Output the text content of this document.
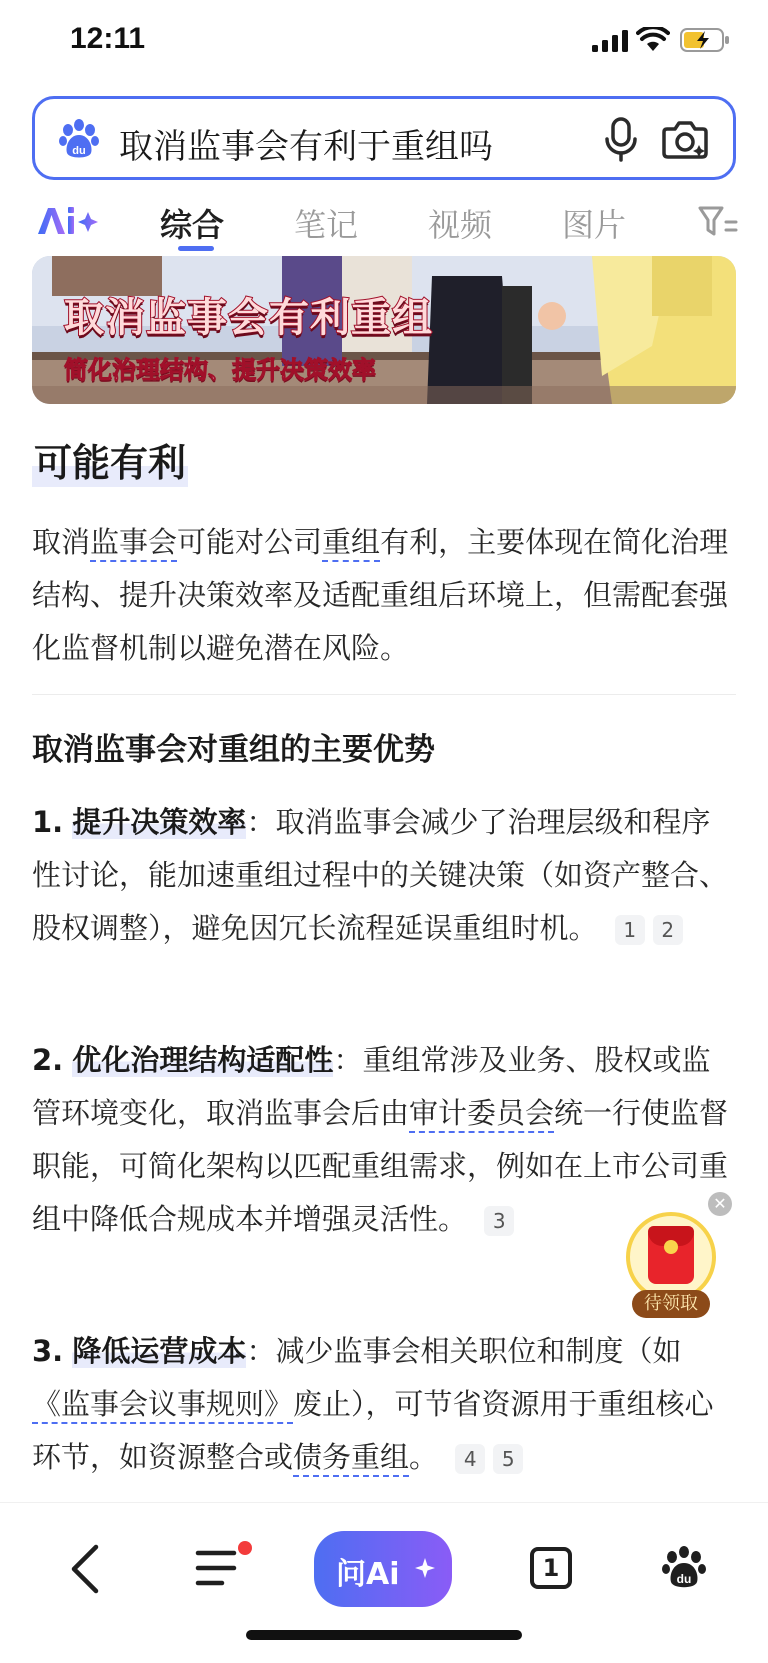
12:11
du 取消监事会有利于重组吗
综合 笔记 视频 图片
取消监事会有利重组
简化治理结构、提升决策效率
可能有利
取消监事会可能对公司重组有利，主要体现在简化治理结构、提升决策效率及适配重组后环境上，但需配套强化监督机制以避免潜在风险。
取消监事会对重组的主要优势
1. 提升决策效率：取消监事会减少了治理层级和程序性讨论，能加速重组过程中的关键决策（如资产整合、股权调整），避免因冗长流程延误重组时机。 1 2
2. 优化治理结构适配性：重组常涉及业务、股权或监管环境变化，取消监事会后由审计委员会统一行使监督职能，可简化架构以匹配重组需求，例如在上市公司重组中降低合规成本并增强灵活性。 3
3. 降低运营成本：减少监事会相关职位和制度（如《监事会议事规则》废止），可节省资源用于重组核心环节，如资源整合或债务重组。 4 5
✕
待领取
问Ai	1	du
